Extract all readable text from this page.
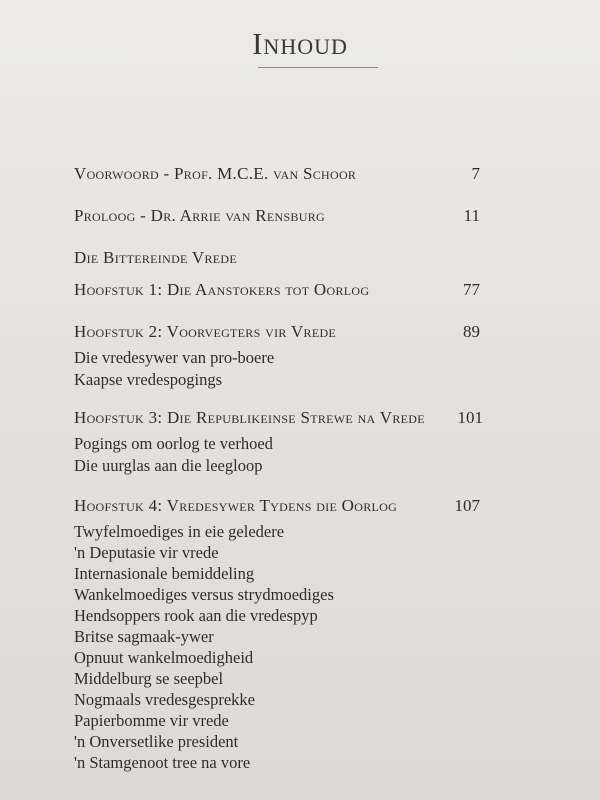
Inhoud
Voorwoord - Prof. M.C.E. van Schoor	7
Proloog - Dr. Arrie van Rensburg	11
Die Bittereinde Vrede
Hoofstuk 1: Die Aanstokers tot Oorlog	77
Hoofstuk 2: Voorvegters vir Vrede	89
Die vredesywer van pro-boere
Kaapse vredespogings
Hoofstuk 3: Die Republikeinse Strewe na Vrede	101
Pogings om oorlog te verhoed
Die uurglas aan die leegloop
Hoofstuk 4: Vredesywer Tydens die Oorlog	107
Twyfelmoediges in eie geledere
'n Deputasie vir vrede
Internasionale bemiddeling
Wankelmoediges versus strydmoediges
Hendsoppers rook aan die vredespyp
Britse sagmaak-ywer
Opnuut wankelmoedigheid
Middelburg se seepbel
Nogmaals vredesgesprekke
Papierbomme vir vrede
'n Onversetlike president
'n Stamgenoot tree na vore
